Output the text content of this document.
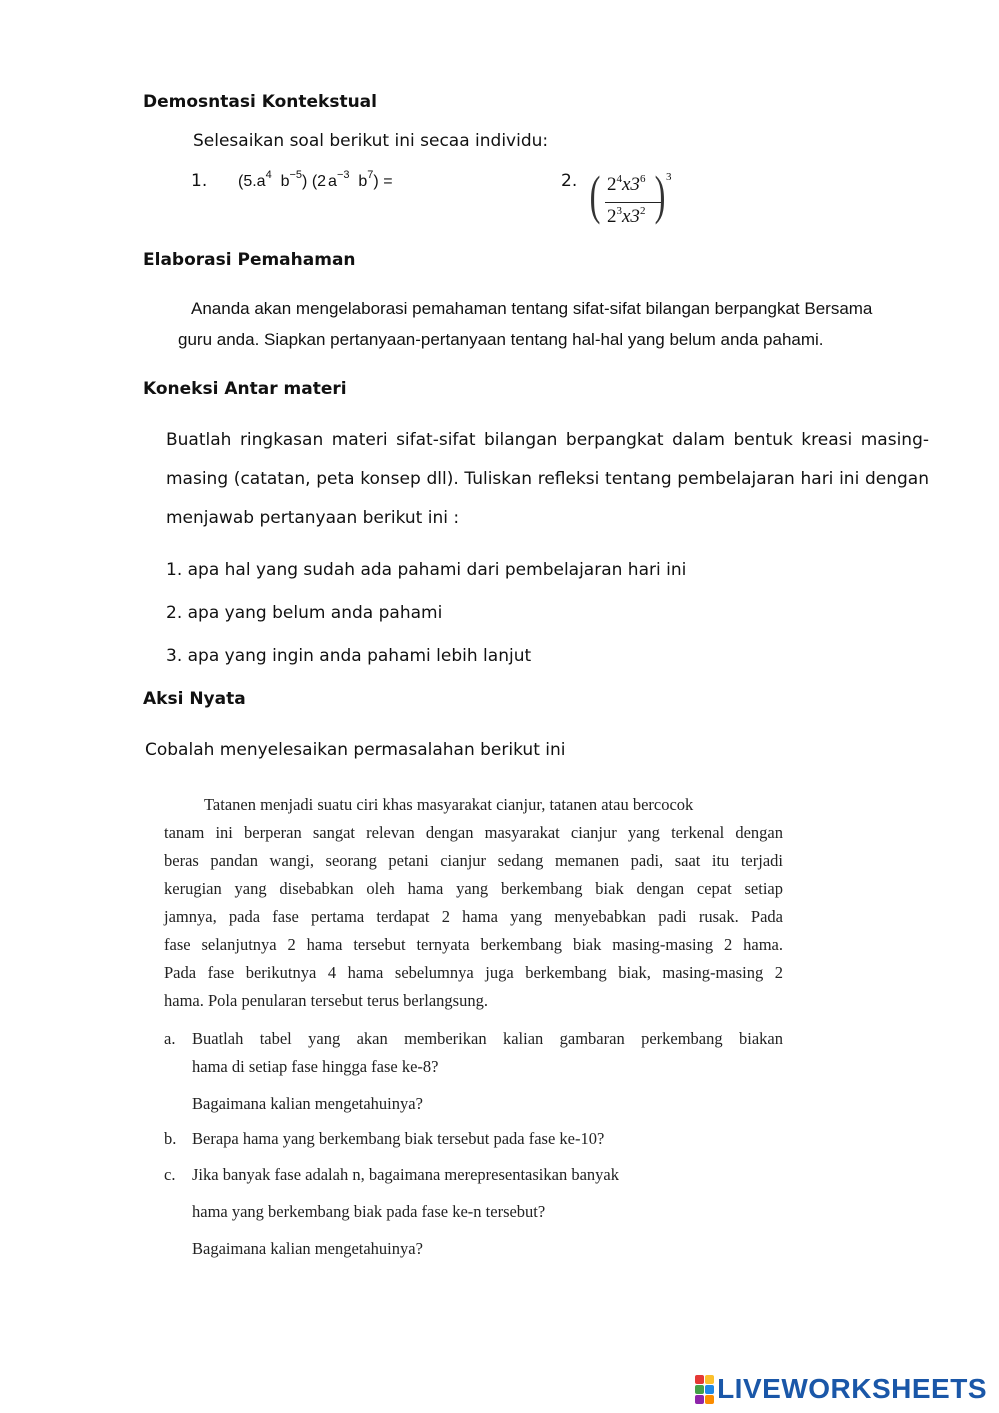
Demosntasi Kontekstual
Selesaikan soal berikut ini secaa individu:
1. ($5.a^4$ $b^{-5}$) (2 $a^{-3}$ $b^7$) =	2. ( $2^4x3^6$
$2^3x3^2$ ) 3
Elaborasi Pemahaman
Ananda akan mengelaborasi pemahaman tentang sifat-sifat bilangan berpangkat Bersama
guru anda. Siapkan pertanyaan-pertanyaan tentang hal-hal yang belum anda pahami.
Koneksi Antar materi
Buatlah ringkasan materi sifat-sifat bilangan berpangkat dalam bentuk kreasi masing-
masing (catatan, peta konsep dll). Tuliskan refleksi tentang pembelajaran hari ini dengan
menjawab pertanyaan berikut ini :
1. apa hal yang sudah ada pahami dari pembelajaran hari ini
2. apa yang belum anda pahami
3. apa yang ingin anda pahami lebih lanjut
Aksi Nyata
Cobalah menyelesaikan permasalahan berikut ini
Tatanen menjadi suatu ciri khas masyarakat cianjur, tatanen atau bercocok
tanam ini berperan sangat relevan dengan masyarakat cianjur yang terkenal dengan
beras pandan wangi, seorang petani cianjur sedang memanen padi, saat itu terjadi
kerugian yang disebabkan oleh hama yang berkembang biak dengan cepat setiap
jamnya, pada fase pertama terdapat 2 hama yang menyebabkan padi rusak. Pada
fase selanjutnya 2 hama tersebut ternyata berkembang biak masing-masing 2 hama.
Pada fase berikutnya 4 hama sebelumnya juga berkembang biak, masing-masing 2
hama. Pola penularan tersebut terus berlangsung.
a. Buatlah tabel yang akan memberikan kalian gambaran perkembang biakan
hama di setiap fase hingga fase ke-8?
Bagaimana kalian mengetahuinya?
b. Berapa hama yang berkembang biak tersebut pada fase ke-10?
c. Jika banyak fase adalah n, bagaimana merepresentasikan banyak
hama yang berkembang biak pada fase ke-n tersebut?
Bagaimana kalian mengetahuinya?
LIVEWORKSHEETS
